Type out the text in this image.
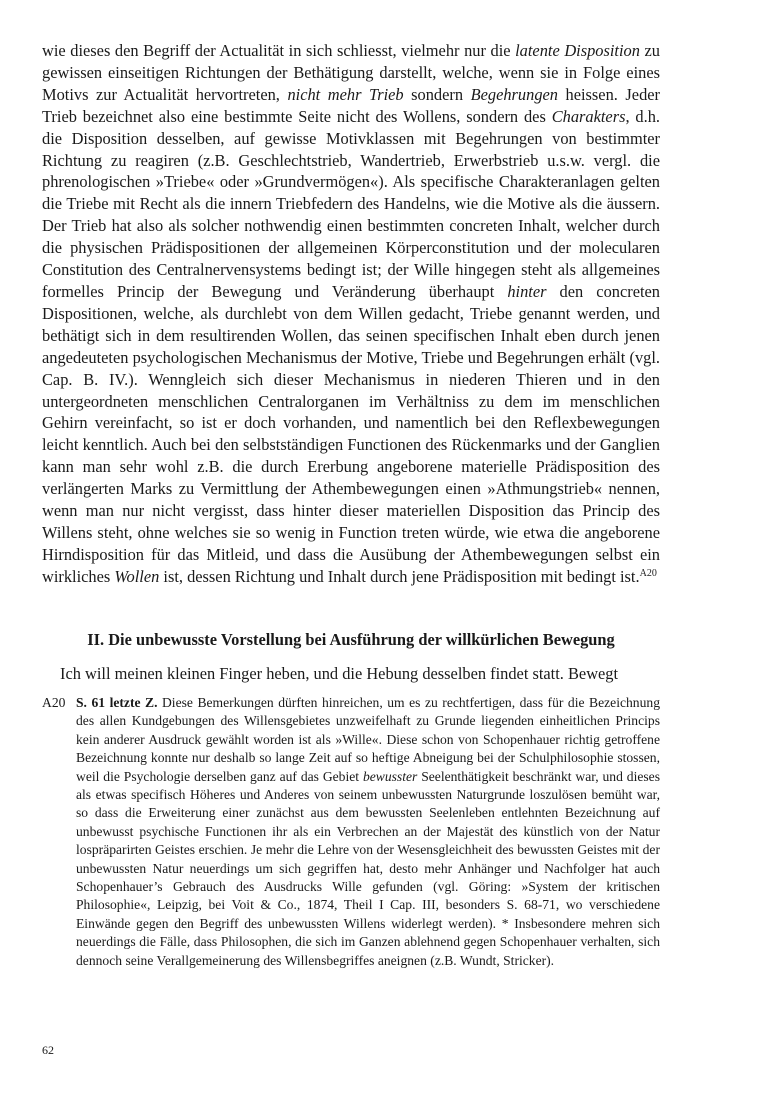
wie dieses den Begriff der Actualität in sich schliesst, vielmehr nur die latente Disposition zu gewissen einseitigen Richtungen der Bethätigung darstellt, welche, wenn sie in Folge eines Motivs zur Actualität hervortreten, nicht mehr Trieb sondern Begehrungen heissen. Jeder Trieb bezeichnet also eine bestimmte Seite nicht des Wollens, sondern des Charakters, d.h. die Disposition desselben, auf gewisse Motivklassen mit Begehrungen von bestimmter Richtung zu reagiren (z.B. Geschlechtstrieb, Wandertrieb, Erwerbstrieb u.s.w. vergl. die phrenologischen »Triebe« oder »Grundvermögen«). Als specifische Charakteranlagen gelten die Triebe mit Recht als die innern Triebfedern des Handelns, wie die Motive als die äussern. Der Trieb hat also als solcher nothwendig einen bestimmten concreten Inhalt, welcher durch die physischen Prädispositionen der allgemeinen Körperconstitution und der molecularen Constitution des Centralnervensystems bedingt ist; der Wille hingegen steht als allgemeines formelles Princip der Bewegung und Veränderung überhaupt hinter den concreten Dispositionen, welche, als durchlebt von dem Willen gedacht, Triebe genannt werden, und bethätigt sich in dem resultirenden Wollen, das seinen specifischen Inhalt eben durch jenen angedeuteten psychologischen Mechanismus der Motive, Triebe und Begehrungen erhält (vgl. Cap. B. IV.). Wenngleich sich dieser Mechanismus in niederen Thieren und in den untergeordneten menschlichen Centralorganen im Verhältniss zu dem im menschlichen Gehirn vereinfacht, so ist er doch vorhanden, und namentlich bei den Reflexbewegungen leicht kenntlich. Auch bei den selbstständigen Functionen des Rückenmarks und der Ganglien kann man sehr wohl z.B. die durch Ererbung angeborene materielle Prädisposition des verlängerten Marks zu Vermittlung der Athembewegungen einen »Athmungstrieb« nennen, wenn man nur nicht vergisst, dass hinter dieser materiellen Disposition das Princip des Willens steht, ohne welches sie so wenig in Function treten würde, wie etwa die angeborene Hirndisposition für das Mitleid, und dass die Ausübung der Athembewegungen selbst ein wirkliches Wollen ist, dessen Richtung und Inhalt durch jene Prädisposition mit bedingt ist.$^{A20}$

II. Die unbewusste Vorstellung bei Ausführung der willkürlichen Bewegung

Ich will meinen kleinen Finger heben, und die Hebung desselben findet statt. Bewegt

A20 S. 61 letzte Z. Diese Bemerkungen dürften hinreichen, um es zu rechtfertigen, dass für die Bezeichnung des allen Kundgebungen des Willensgebietes unzweifelhaft zu Grunde liegenden einheitlichen Princips kein anderer Ausdruck gewählt worden ist als »Wille«. Diese schon von Schopenhauer richtig getroffene Bezeichnung konnte nur deshalb so lange Zeit auf so heftige Abneigung bei der Schulphilosophie stossen, weil die Psychologie derselben ganz auf das Gebiet bewusster Seelenthätigkeit beschränkt war, und dieses als etwas specifisch Höheres und Anderes von seinem unbewussten Naturgrunde loszulösen bemüht war, so dass die Erweiterung einer zunächst aus dem bewussten Seelenleben entlehnten Bezeichnung auf unbewusst psychische Functionen ihr als ein Verbrechen an der Majestät des künstlich von der Natur lospräparirten Geistes erschien. Je mehr die Lehre von der Wesensgleichheit des bewussten Geistes mit der unbewussten Natur neuerdings um sich gegriffen hat, desto mehr Anhänger und Nachfolger hat auch Schopenhauer’s Gebrauch des Ausdrucks Wille gefunden (vgl. Göring: »System der kritischen Philosophie«, Leipzig, bei Voit & Co., 1874, Theil I Cap. III, besonders S. 68-71, wo verschiedene Einwände gegen den Begriff des unbewussten Willens widerlegt werden). * Insbesondere mehren sich neuerdings die Fälle, dass Philosophen, die sich im Ganzen ablehnend gegen Schopenhauer verhalten, sich dennoch seine Verallgemeinerung des Willensbegriffes aneignen (z.B. Wundt, Stricker).
62
